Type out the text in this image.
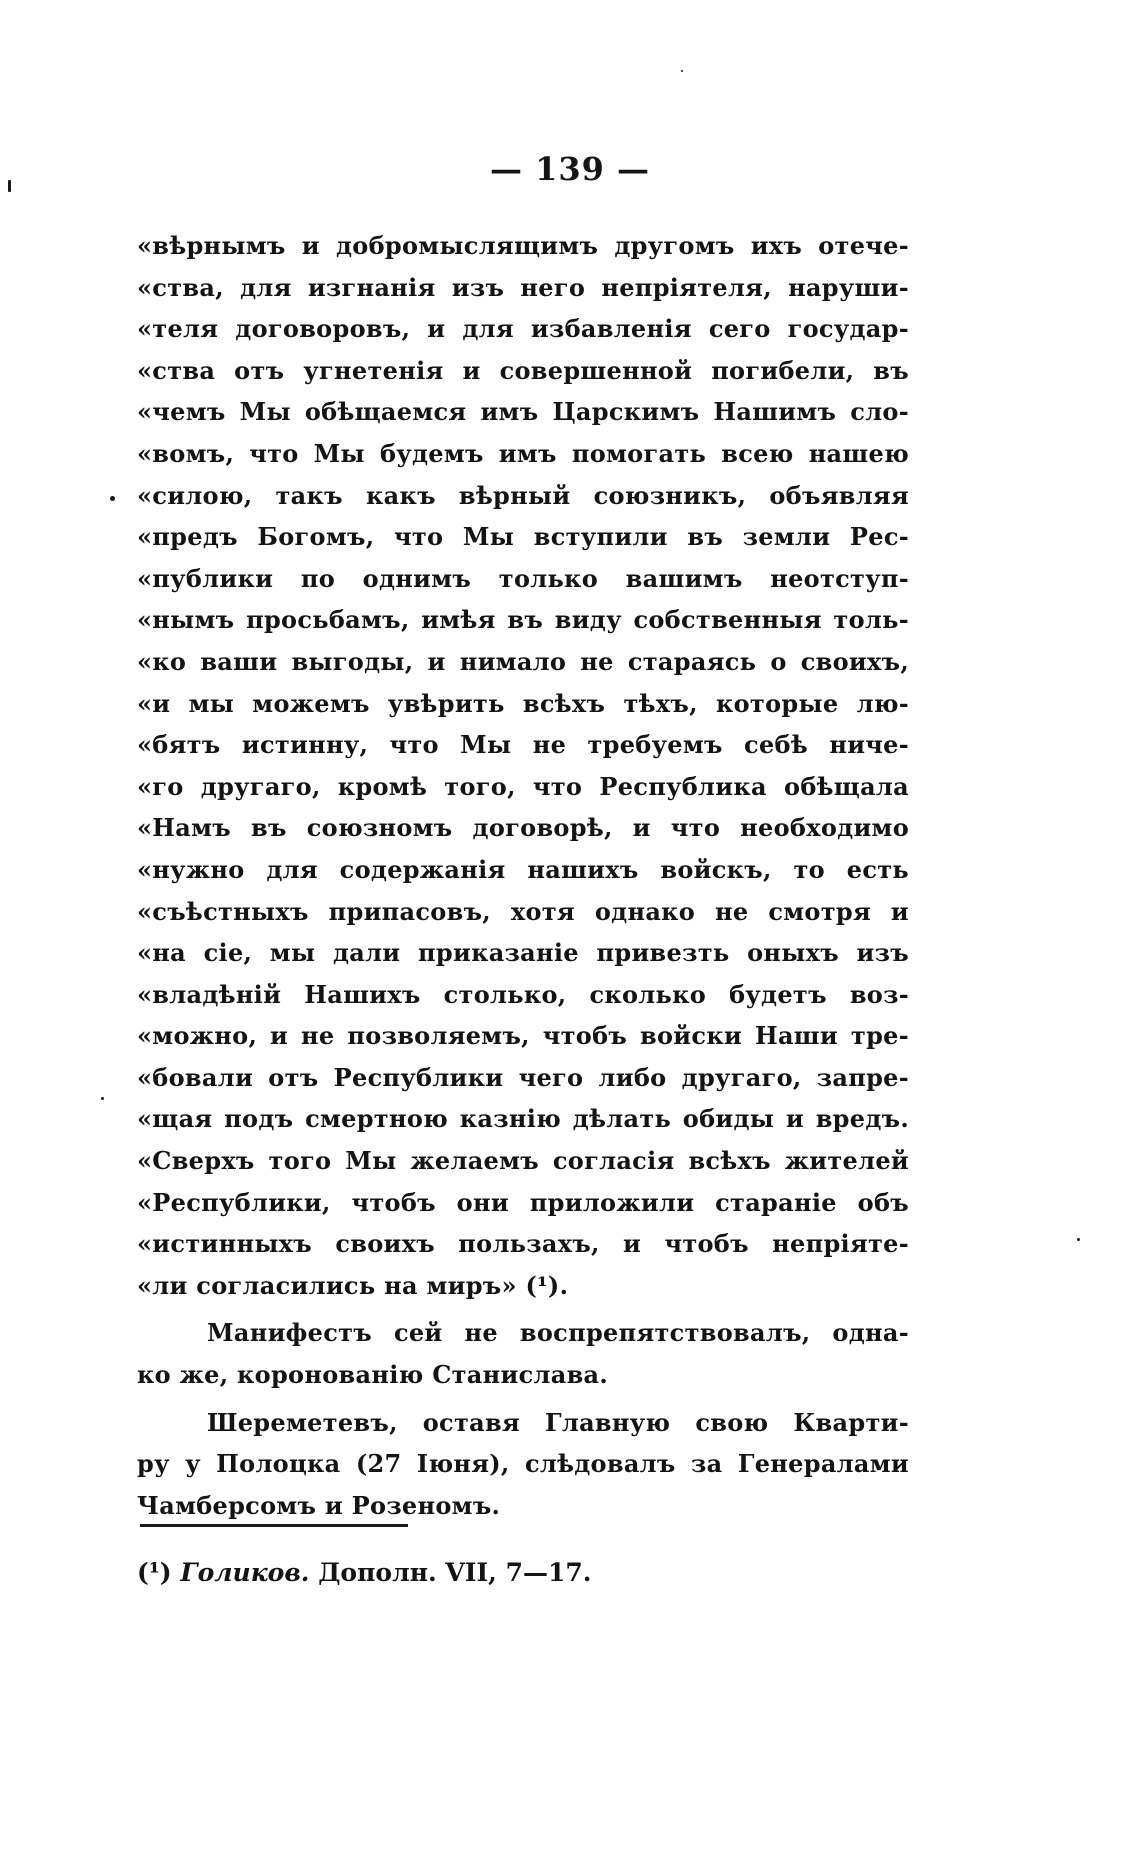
— 139 —
«вѣрнымъ и добромыслящимъ другомъ ихъ отече-
«ства, для изгнанія изъ него непріятеля, наруши-
«теля договоровъ, и для избавленія сего государ-
«ства отъ угнетенія и совершенной погибели, въ
«чемъ Мы обѣщаемся имъ Царскимъ Нашимъ сло-
«вомъ, что Мы будемъ имъ помогать всею нашею
«силою, такъ какъ вѣрный союзникъ, объявляя
«предъ Богомъ, что Мы вступили въ земли Рес-
«публики по однимъ только вашимъ неотступ-
«нымъ просьбамъ, имѣя въ виду собственныя толь-
«ко ваши выгоды, и нимало не стараясь о своихъ,
«и мы можемъ увѣрить всѣхъ тѣхъ, которые лю-
«бятъ истинну, что Мы не требуемъ себѣ ниче-
«го другаго, кромѣ того, что Республика обѣщала
«Намъ въ союзномъ договорѣ, и что необходимо
«нужно для содержанія нашихъ войскъ, то есть
«съѣстныхъ припасовъ, хотя однако не смотря и
«на сіе, мы дали приказаніе привезть оныхъ изъ
«владѣній Нашихъ столько, сколько будетъ воз-
«можно, и не позволяемъ, чтобъ войски Наши тре-
«бовали отъ Республики чего либо другаго, запре-
«щая подъ смертною казнію дѣлать обиды и вредъ.
«Сверхъ того Мы желаемъ согласія всѣхъ жителей
«Республики, чтобъ они приложили стараніе объ
«истинныхъ своихъ пользахъ, и чтобъ непріяте-
«ли согласились на миръ» (¹).
Манифестъ сей не воспрепятствовалъ, одна-
ко же, коронованію Станислава.
Шереметевъ, оставя Главную свою Кварти-
ру у Полоцка (27 Іюня), слѣдовалъ за Генералами
Чамберсомъ и Розеномъ.
(¹) Голиков. Дополн. VII, 7—17.
